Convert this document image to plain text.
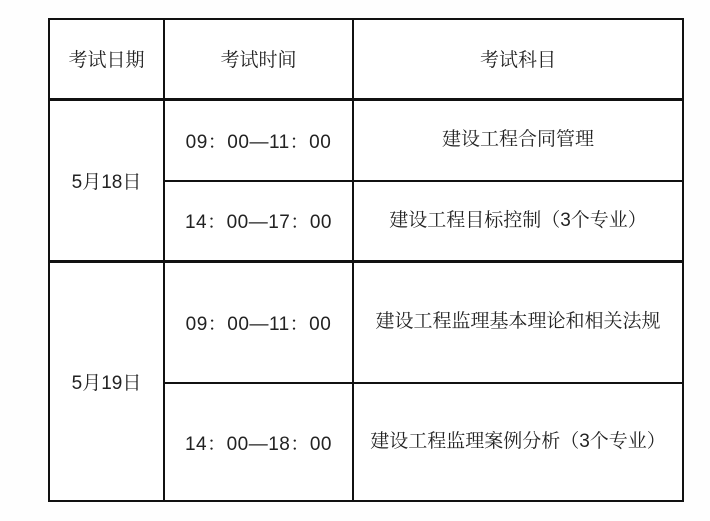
考试日期	考试时间	考试科目
5月18日	09：00—11：00	建设工程合同管理
	14：00—17：00	建设工程目标控制（3个专业）
5月19日	09：00—11：00	建设工程监理基本理论和相关法规
	14：00—18：00	建设工程监理案例分析（3个专业）
